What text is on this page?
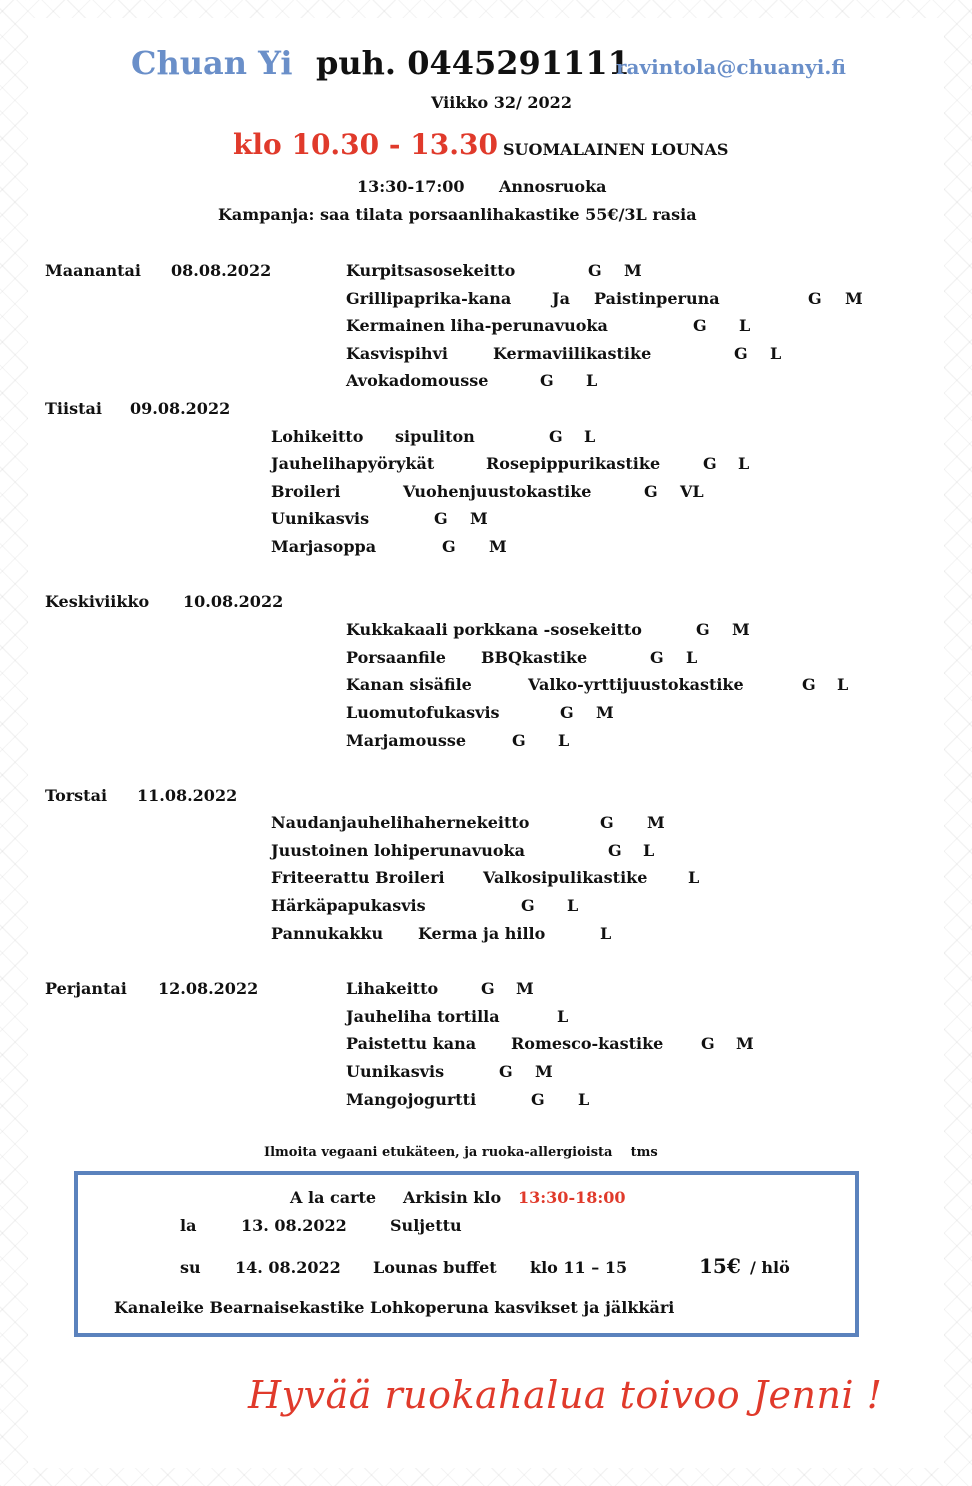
Chuan Yi puh. 0445291111
ravintola@chuanyi.fi
Viikko 32/ 2022
klo 10.30 - 13.30 SUOMALAINEN LOUNAS
13:30-17:00 Annosruoka
Kampanja: saa tilata porsaanlihakastike 55€/3L rasia
Maanantai 08.08.2022	Kurpitsasosekeitto	G M
Grillipaprika-kana	Ja Paistinperuna	G M
Kermainen liha-perunavuoka	G L
Kasvispihvi	Kermaviilikastike	G L
Avokadomousse	G L
Tiistai 09.08.2022
Lohikeitto sipuliton	G L
Jauhelihapyörykät	Rosepippurikastike	G L
Broileri	Vuohenjuustokastike	G VL
Uunikasvis	G M
Marjasoppa	G M
Keskiviikko 10.08.2022
Kukkakaali porkkana -sosekeitto	G M
Porsaanfile BBQkastike	G L
Kanan sisäfile	Valko-yrttijuustokastike	G L
Luomutofukasvis	G M
Marjamousse	G L
Torstai 11.08.2022
Naudanjauhelihahernekeitto	G M
Juustoinen lohiperunavuoka	G L
Friteerattu Broileri Valkosipulikastike	L
Härkäpapukasvis	G L
Pannukakku Kerma ja hillo	L
Perjantai 12.08.2022	Lihakeitto	G M
Jauheliha tortilla	L
Paistettu kana Romesco-kastike G M
Uunikasvis	G M
Mangojogurtti	G L
Ilmoita vegaani etukäteen, ja ruoka-allergioista    tms
A la carte Arkisin klo 13:30-18:00
la	13. 08.2022	Suljettu
su 14. 08.2022 Lounas buffet klo 11 – 15	15€ / hlö
Kanaleike Bearnaisekastike Lohkoperuna kasvikset ja jälkkäri
Hyvää ruokahalua toivoo Jenni !
